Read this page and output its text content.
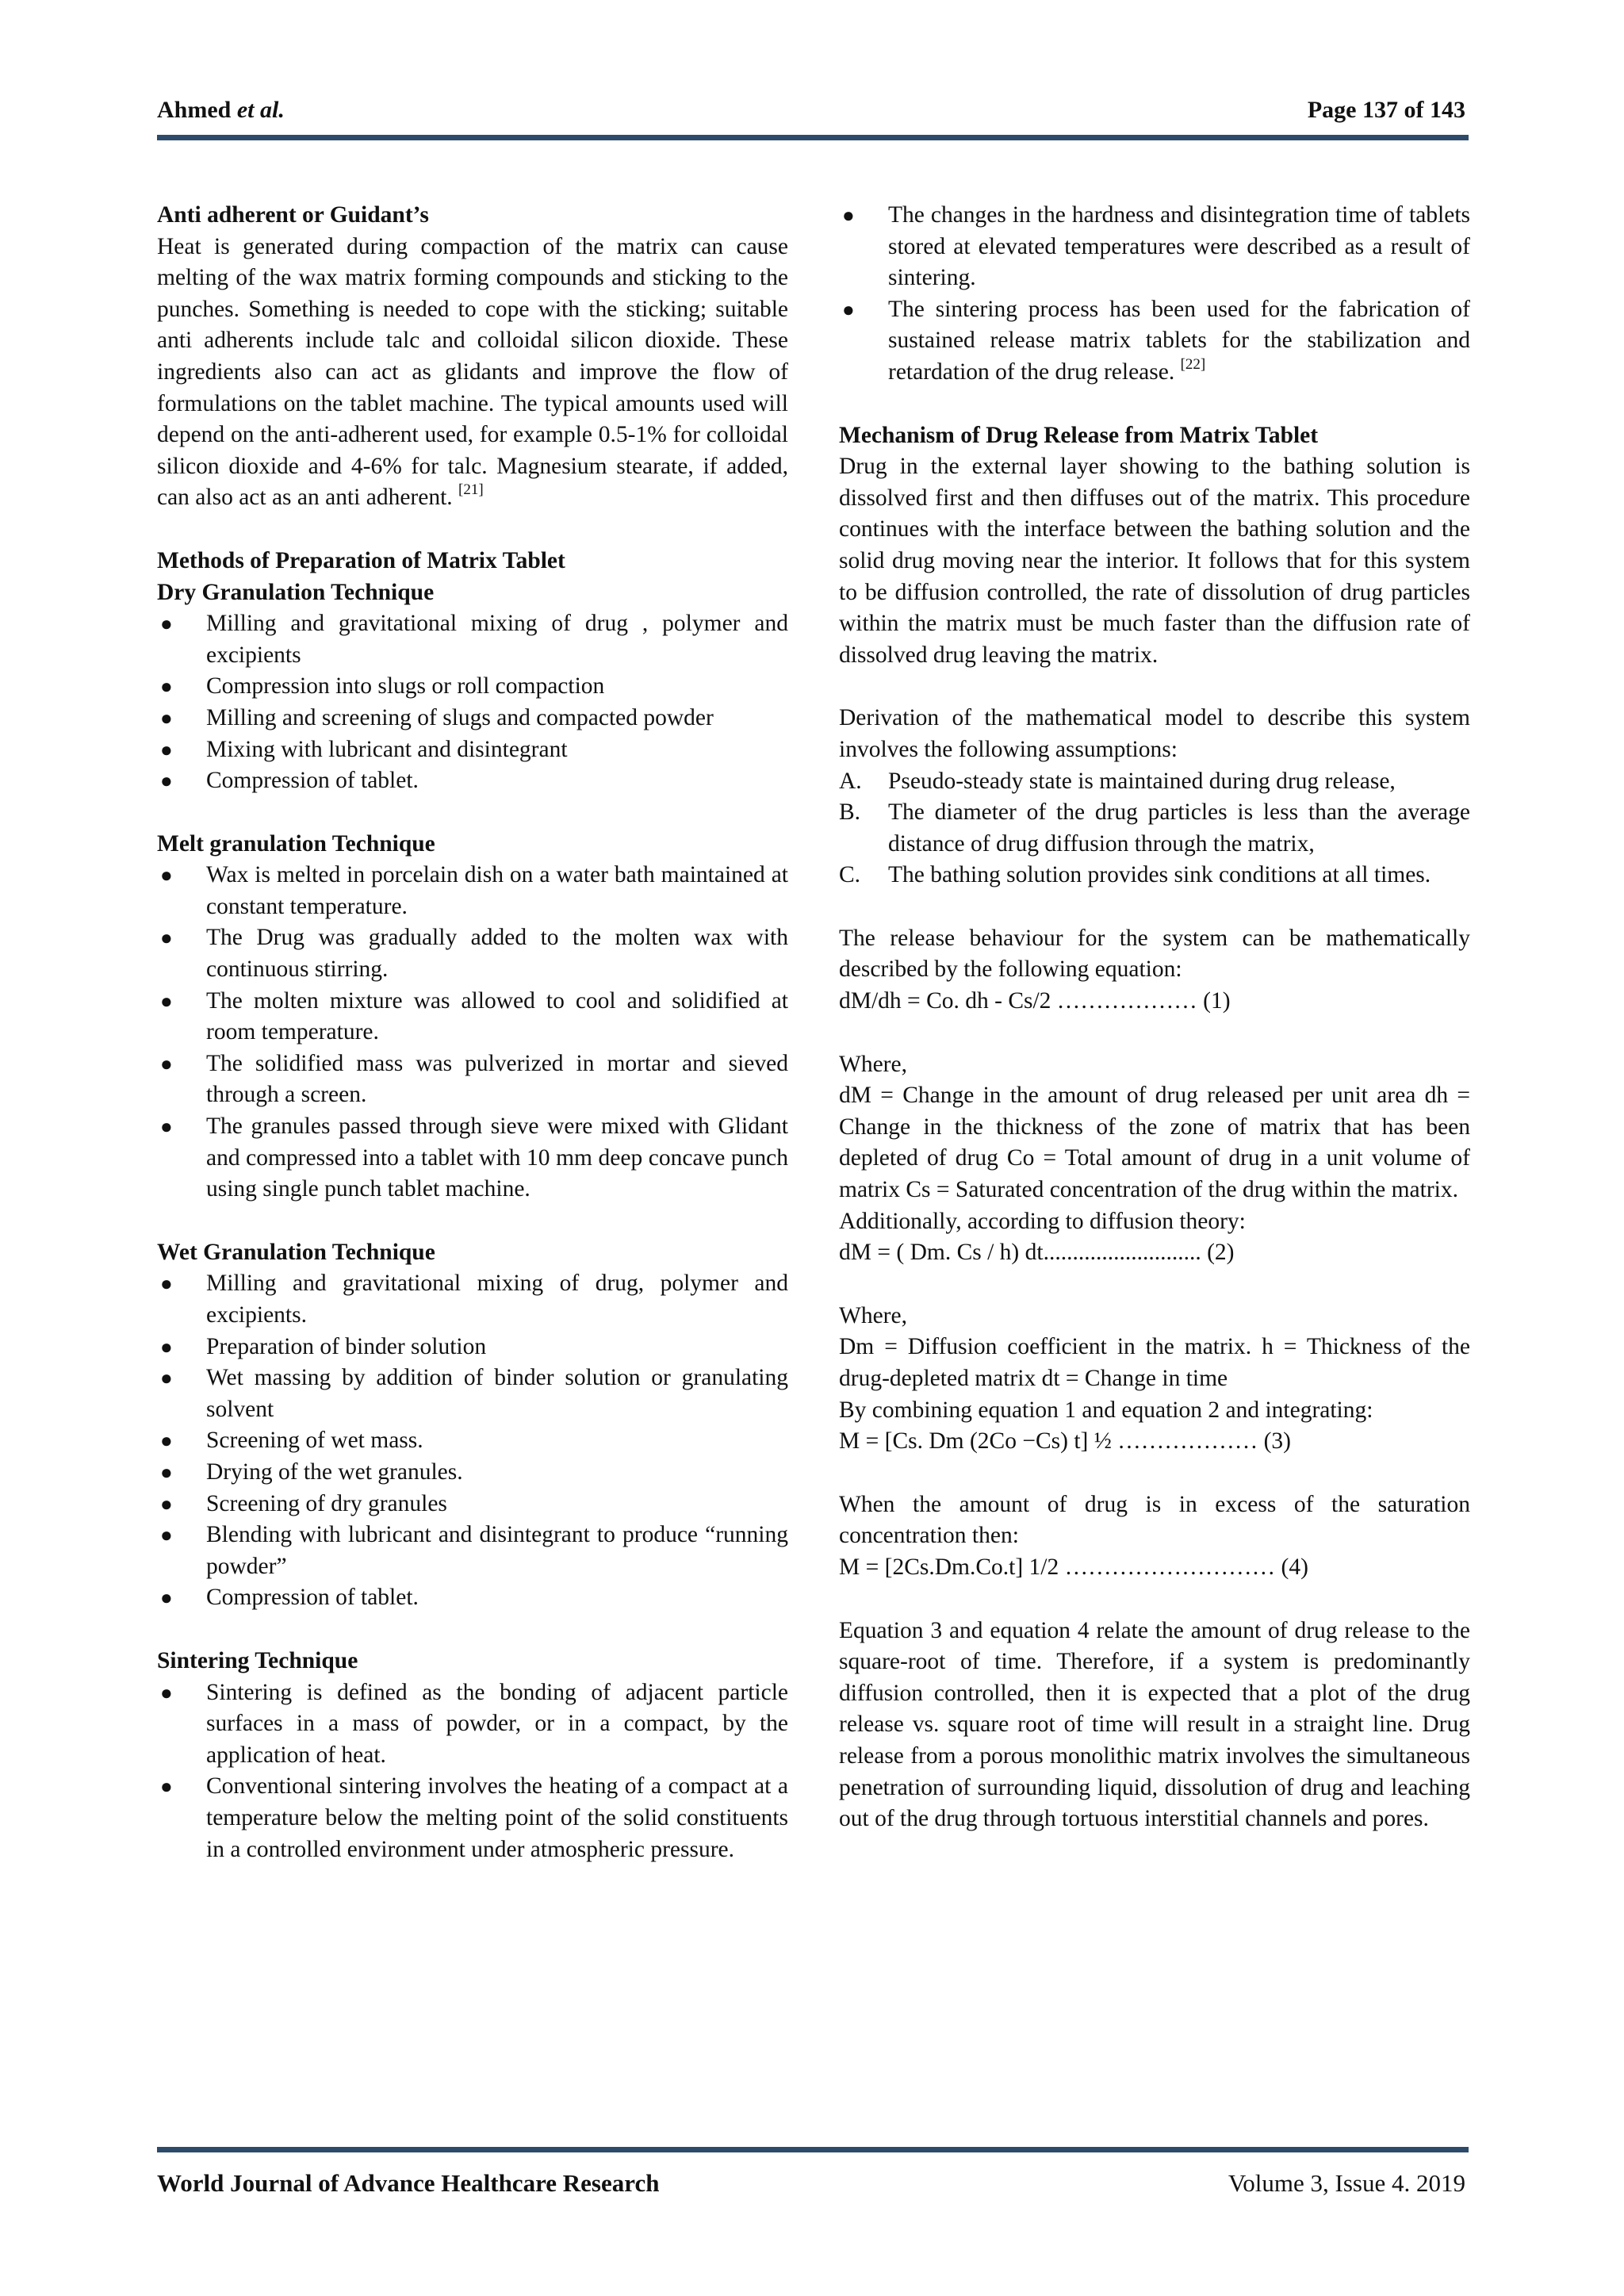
Ahmed et al.	Page 137 of 143
Anti adherent or Guidant’s

Heat is generated during compaction of the matrix can cause melting of the wax matrix forming compounds and sticking to the punches. Something is needed to cope with the sticking; suitable anti adherents include talc and colloidal silicon dioxide. These ingredients also can act as glidants and improve the flow of formulations on the tablet machine. The typical amounts used will depend on the anti-adherent used, for example 0.5-1% for colloidal silicon dioxide and 4-6% for talc. Magnesium stearate, if added, can also act as an anti adherent. [21]

Methods of Preparation of Matrix Tablet
Dry Granulation Technique
● Milling and gravitational mixing of drug , polymer and excipients
● Compression into slugs or roll compaction
● Milling and screening of slugs and compacted powder
● Mixing with lubricant and disintegrant
● Compression of tablet.
Melt granulation Technique
● Wax is melted in porcelain dish on a water bath maintained at constant temperature.
● The Drug was gradually added to the molten wax with continuous stirring.
● The molten mixture was allowed to cool and solidified at room temperature.
● The solidified mass was pulverized in mortar and sieved through a screen.
● The granules passed through sieve were mixed with Glidant and compressed into a tablet with 10 mm deep concave punch using single punch tablet machine.
Wet Granulation Technique
● Milling and gravitational mixing of drug, polymer and excipients.
● Preparation of binder solution
● Wet massing by addition of binder solution or granulating solvent
● Screening of wet mass.
● Drying of the wet granules.
● Screening of dry granules
● Blending with lubricant and disintegrant to produce “running powder”
● Compression of tablet.
Sintering Technique
● Sintering is defined as the bonding of adjacent particle surfaces in a mass of powder, or in a compact, by the application of heat.
● Conventional sintering involves the heating of a compact at a temperature below the melting point of the solid constituents in a controlled environment under atmospheric pressure.
● The changes in the hardness and disintegration time of tablets stored at elevated temperatures were described as a result of sintering.
● The sintering process has been used for the fabrication of sustained release matrix tablets for the stabilization and retardation of the drug release. [22]
Mechanism of Drug Release from Matrix Tablet

Drug in the external layer showing to the bathing solution is dissolved first and then diffuses out of the matrix. This procedure continues with the interface between the bathing solution and the solid drug moving near the interior. It follows that for this system to be diffusion controlled, the rate of dissolution of drug particles within the matrix must be much faster than the diffusion rate of dissolved drug leaving the matrix.

Derivation of the mathematical model to describe this system involves the following assumptions:

A. Pseudo-steady state is maintained during drug release,
B. The diameter of the drug particles is less than the average distance of drug diffusion through the matrix,
C. The bathing solution provides sink conditions at all times.

The release behaviour for the system can be mathematically described by the following equation:

dM/dh = Co. dh - Cs/2 ……………… (1)

Where,

dM = Change in the amount of drug released per unit area dh = Change in the thickness of the zone of matrix that has been depleted of drug Co = Total amount of drug in a unit volume of matrix Cs = Saturated concentration of the drug within the matrix.

Additionally, according to diffusion theory:

dM = ( Dm. Cs / h) dt........................... (2)

Where,

Dm = Diffusion coefficient in the matrix. h = Thickness of the drug-depleted matrix dt = Change in time

By combining equation 1 and equation 2 and integrating:

M = [Cs. Dm (2Co −Cs) t] ½ ……………… (3)

When the amount of drug is in excess of the saturation concentration then:

M = [2Cs.Dm.Co.t] 1/2 ……………………… (4)

Equation 3 and equation 4 relate the amount of drug release to the square-root of time. Therefore, if a system is predominantly diffusion controlled, then it is expected that a plot of the drug release vs. square root of time will result in a straight line. Drug release from a porous monolithic matrix involves the simultaneous penetration of surrounding liquid, dissolution of drug and leaching out of the drug through tortuous interstitial channels and pores.

World Journal of Advance Healthcare Research	Volume 3, Issue 4. 2019
